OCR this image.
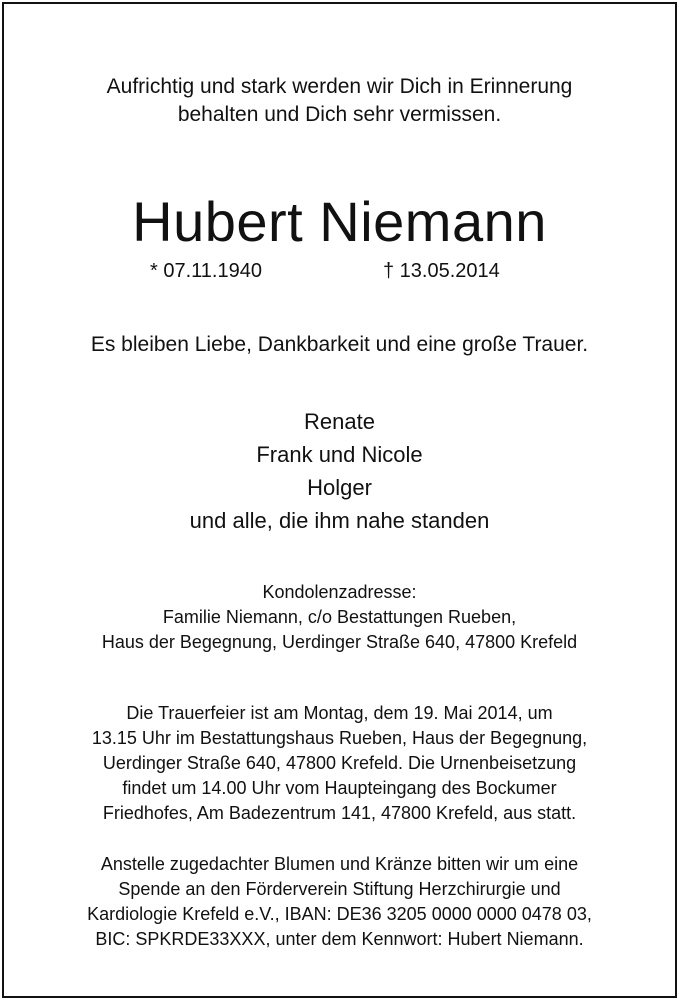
Aufrichtig und stark werden wir Dich in Erinnerung
behalten und Dich sehr vermissen.
Hubert Niemann
* 07.11.1940	† 13.05.2014
Es bleiben Liebe, Dankbarkeit und eine große Trauer.
Renate
Frank und Nicole
Holger
und alle, die ihm nahe standen
Kondolenzadresse:
Familie Niemann, c/o Bestattungen Rueben,
Haus der Begegnung, Uerdinger Straße 640, 47800 Krefeld
Die Trauerfeier ist am Montag, dem 19. Mai 2014, um
13.15 Uhr im Bestattungshaus Rueben, Haus der Begegnung,
Uerdinger Straße 640, 47800 Krefeld. Die Urnenbeisetzung
findet um 14.00 Uhr vom Haupteingang des Bockumer
Friedhofes, Am Badezentrum 141, 47800 Krefeld, aus statt.
Anstelle zugedachter Blumen und Kränze bitten wir um eine
Spende an den Förderverein Stiftung Herzchirurgie und
Kardiologie Krefeld e.V., IBAN: DE36 3205 0000 0000 0478 03,
BIC: SPKRDE33XXX, unter dem Kennwort: Hubert Niemann.
